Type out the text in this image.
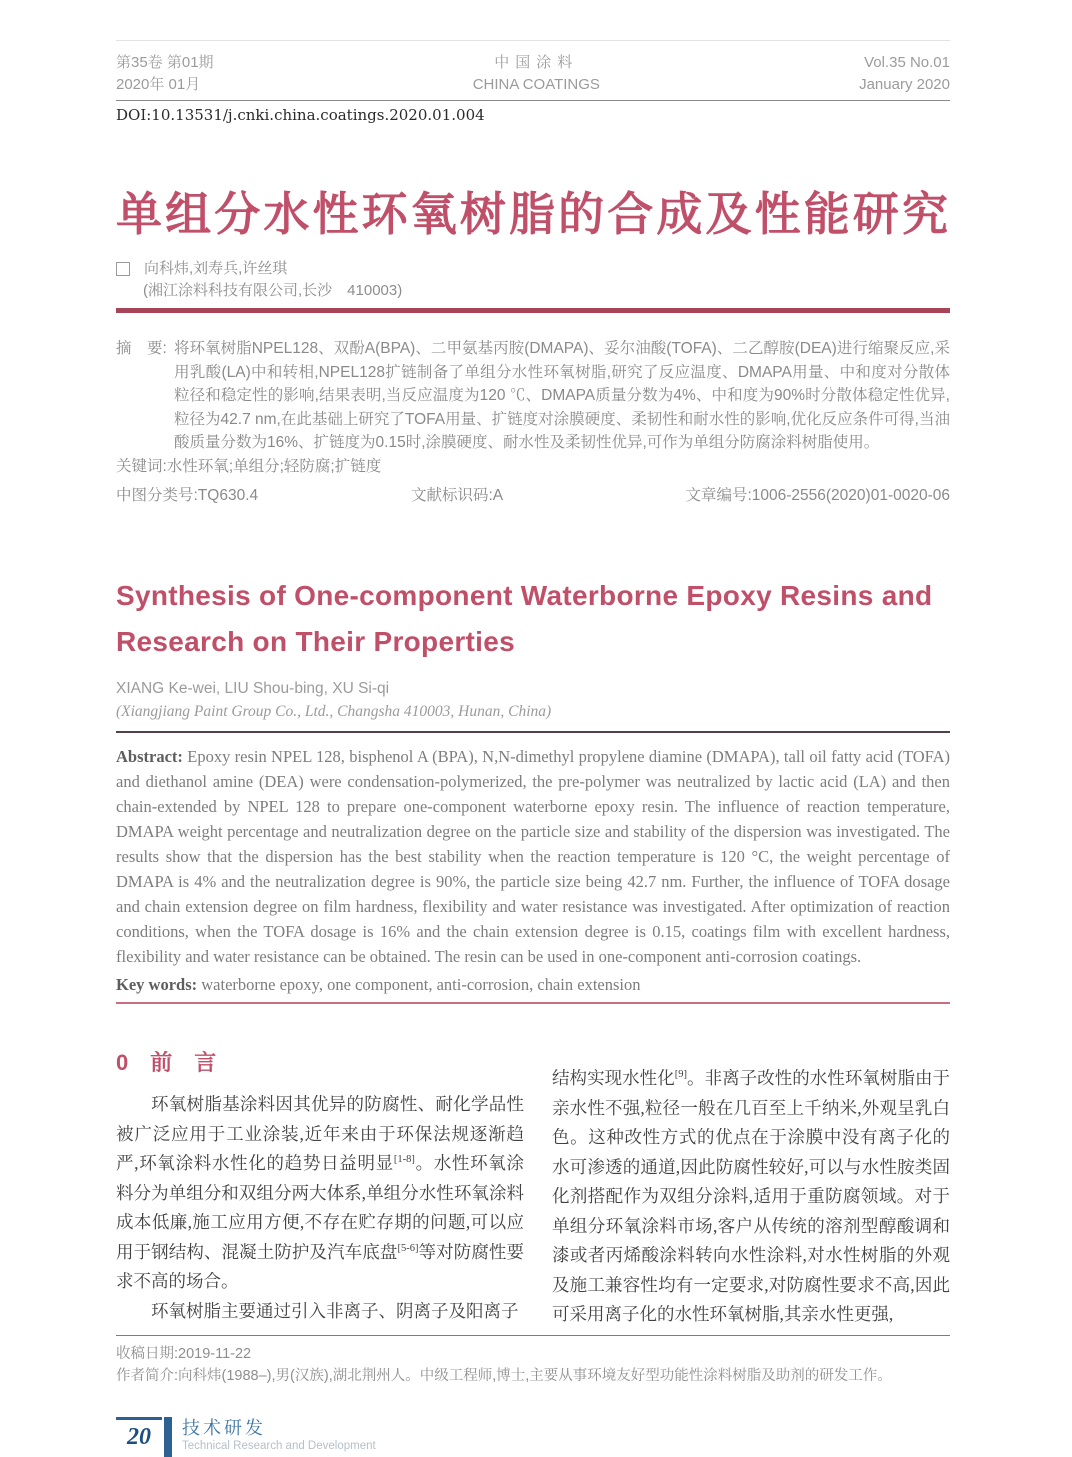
第35卷 第01期
2020年 01月
中国涂料
CHINA COATINGS
Vol.35 No.01
January 2020
DOI:10.13531/j.cnki.china.coatings.2020.01.004
单组分水性环氧树脂的合成及性能研究
向科炜,刘寿兵,许丝琪
(湘江涂料科技有限公司,长沙　410003)
摘　要: 将环氧树脂NPEL128、双酚A(BPA)、二甲氨基丙胺(DMAPA)、妥尔油酸(TOFA)、二乙醇胺(DEA)进行缩聚反应,采用乳酸(LA)中和转相,NPEL128扩链制备了单组分水性环氧树脂,研究了反应温度、DMAPA用量、中和度对分散体粒径和稳定性的影响,结果表明,当反应温度为120 ℃、DMAPA质量分数为4%、中和度为90%时分散体稳定性优异,粒径为42.7 nm,在此基础上研究了TOFA用量、扩链度对涂膜硬度、柔韧性和耐水性的影响,优化反应条件可得,当油酸质量分数为16%、扩链度为0.15时,涂膜硬度、耐水性及柔韧性优异,可作为单组分防腐涂料树脂使用。
关键词:水性环氧;单组分;轻防腐;扩链度
中图分类号:TQ630.4	文献标识码:A	文章编号:1006-2556(2020)01-0020-06
Synthesis of One-component Waterborne Epoxy Resins and Research on Their Properties
XIANG Ke-wei, LIU Shou-bing, XU Si-qi
(Xiangjiang Paint Group Co., Ltd., Changsha 410003, Hunan, China)

Abstract: Epoxy resin NPEL 128, bisphenol A (BPA), N,N-dimethyl propylene diamine (DMAPA), tall oil fatty acid (TOFA) and diethanol amine (DEA) were condensation-polymerized, the pre-polymer was neutralized by lactic acid (LA) and then chain-extended by NPEL 128 to prepare one-component waterborne epoxy resin. The influence of reaction temperature, DMAPA weight percentage and neutralization degree on the particle size and stability of the dispersion was investigated. The results show that the dispersion has the best stability when the reaction temperature is 120 °C, the weight percentage of DMAPA is 4% and the neutralization degree is 90%, the particle size being 42.7 nm. Further, the influence of TOFA dosage and chain extension degree on film hardness, flexibility and water resistance was investigated. After optimization of reaction conditions, when the TOFA dosage is 16% and the chain extension degree is 0.15, coatings film with excellent hardness, flexibility and water resistance can be obtained. The resin can be used in one-component anti-corrosion coatings.

Key words: waterborne epoxy, one component, anti-corrosion, chain extension

0　前　言

环氧树脂基涂料因其优异的防腐性、耐化学品性被广泛应用于工业涂装,近年来由于环保法规逐渐趋严,环氧涂料水性化的趋势日益明显[1-8]。水性环氧涂料分为单组分和双组分两大体系,单组分水性环氧涂料成本低廉,施工应用方便,不存在贮存期的问题,可以应用于钢结构、混凝土防护及汽车底盘[5-6]等对防腐性要求不高的场合。

环氧树脂主要通过引入非离子、阴离子及阳离子

结构实现水性化[9]。非离子改性的水性环氧树脂由于亲水性不强,粒径一般在几百至上千纳米,外观呈乳白色。这种改性方式的优点在于涂膜中没有离子化的水可渗透的通道,因此防腐性较好,可以与水性胺类固化剂搭配作为双组分涂料,适用于重防腐领域。对于单组分环氧涂料市场,客户从传统的溶剂型醇酸调和漆或者丙烯酸涂料转向水性涂料,对水性树脂的外观及施工兼容性均有一定要求,对防腐性要求不高,因此可采用离子化的水性环氧树脂,其亲水性更强,

收稿日期:2019-11-22
作者简介:向科炜(1988–),男(汉族),湖北荆州人。中级工程师,博士,主要从事环境友好型功能性涂料树脂及助剂的研发工作。
20	技术研发
Technical Research and Development
